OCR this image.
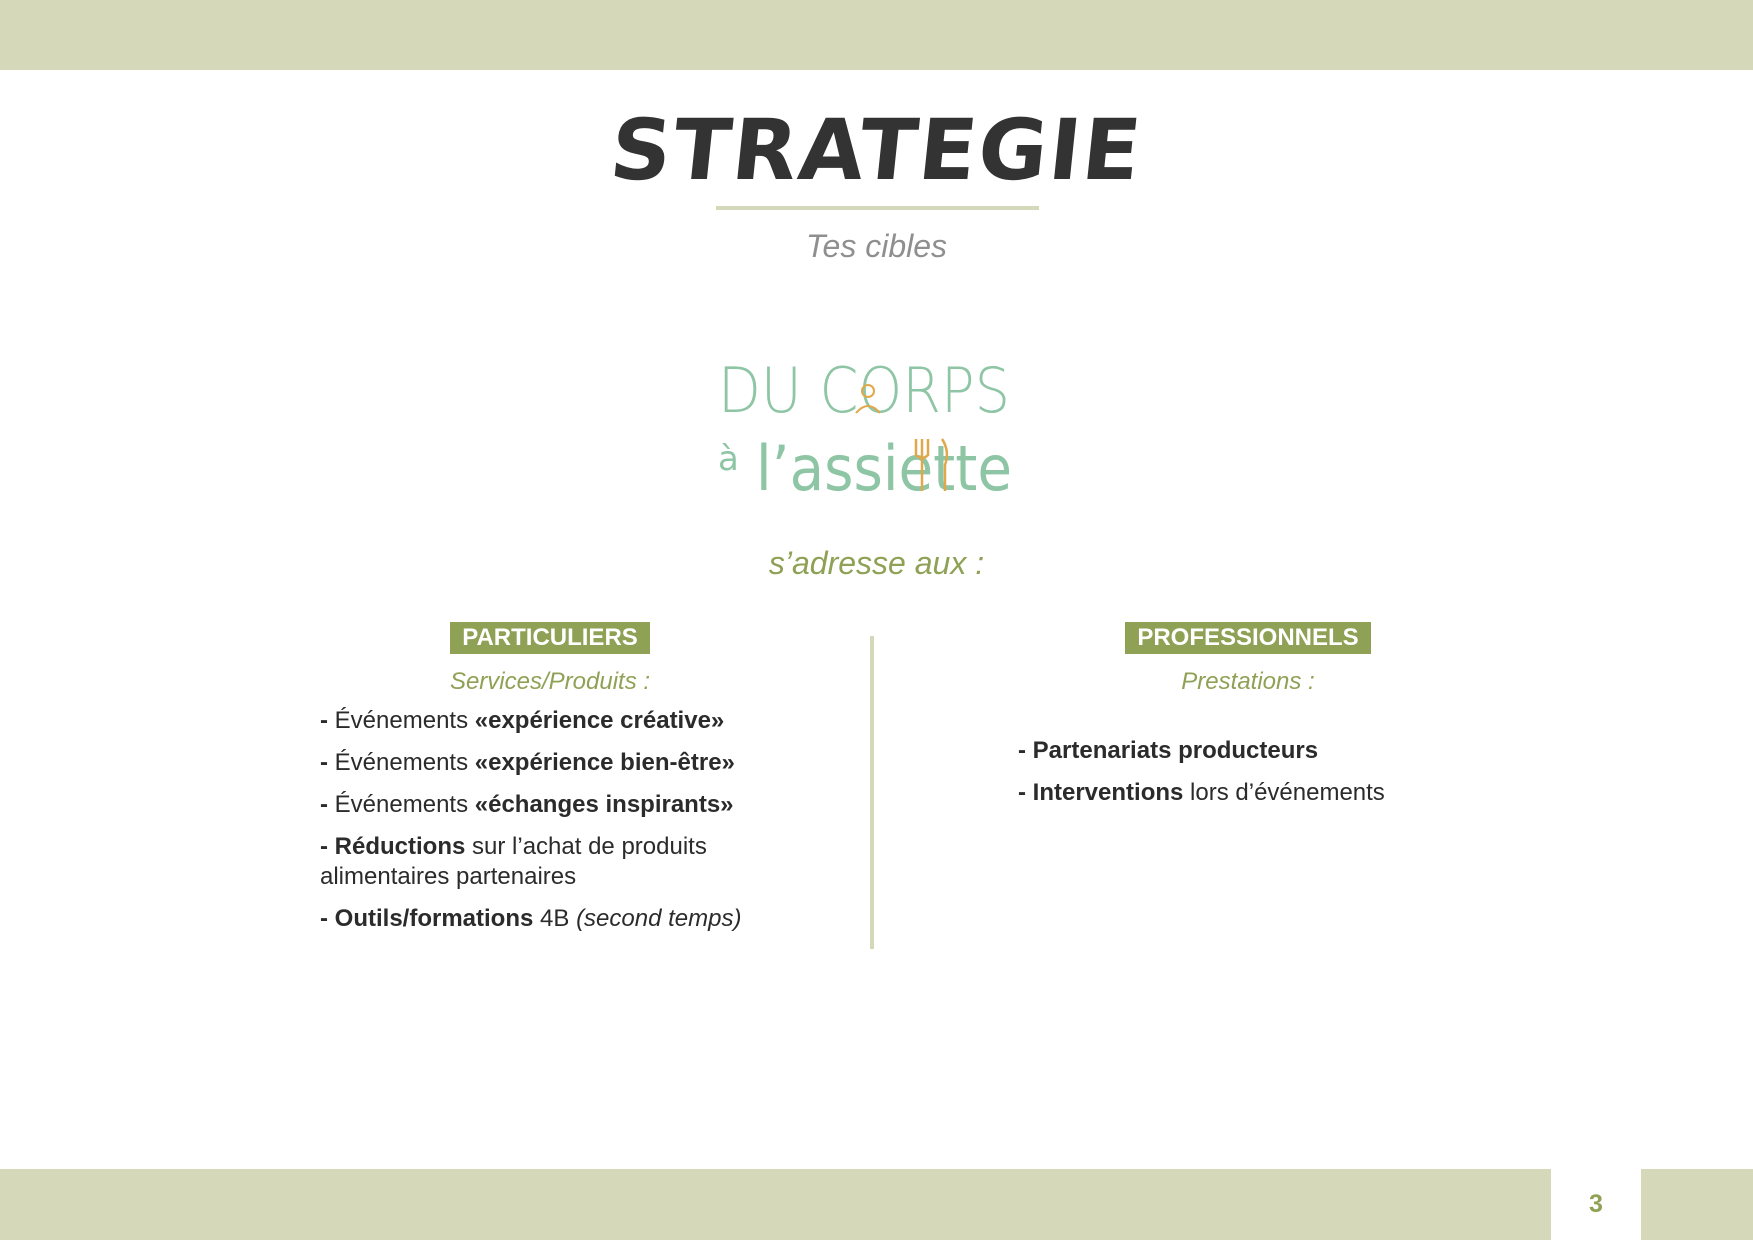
STRATEGIE
Tes cibles
DU CORPS
à l’assiette
s’adresse aux :
PARTICULIERS
Services/Produits :
- Événements «expérience créative»
- Événements «expérience bien-être»
- Événements «échanges inspirants»
- Réductions sur l’achat de produits alimentaires partenaires
- Outils/formations 4B (second temps)
PROFESSIONNELS
Prestations :
- Partenariats producteurs
- Interventions lors d’événements
3
